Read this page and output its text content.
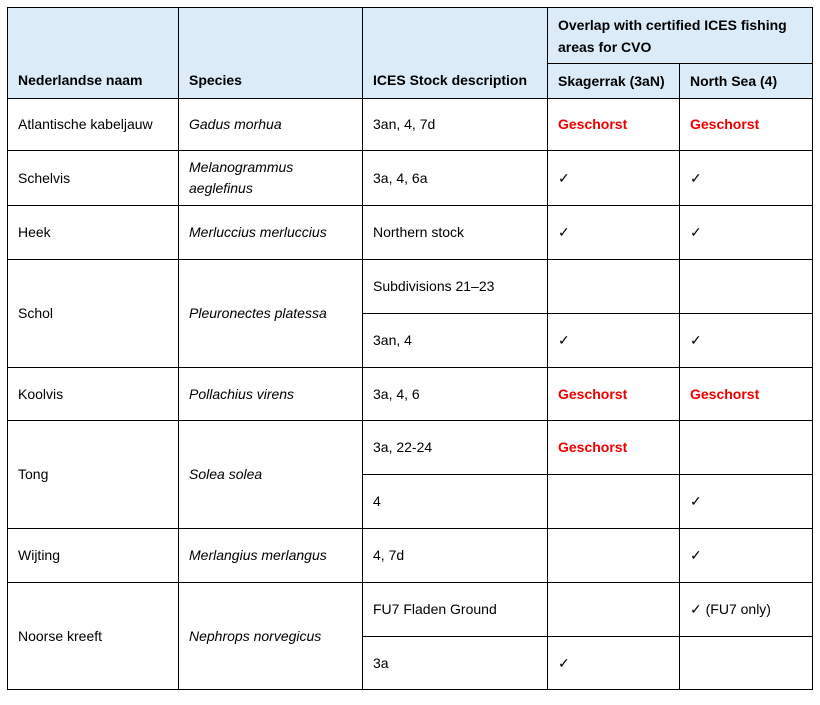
Nederlandse naam	Species	ICES Stock description	Overlap with certified ICES fishing areas for CVO	
			Skagerrak (3aN)	North Sea (4)
Atlantische kabeljauw	Gadus morhua	3an, 4, 7d	Geschorst	Geschorst
Schelvis	Melanogrammus aeglefinus	3a, 4, 6a	✓	✓
Heek	Merluccius merluccius	Northern stock	✓	✓
Schol	Pleuronectes platessa	Subdivisions 21–23		
		3an, 4	✓	✓
Koolvis	Pollachius virens	3a, 4, 6	Geschorst	Geschorst
Tong	Solea solea	3a, 22-24	Geschorst	
		4		✓
Wijting	Merlangius merlangus	4, 7d		✓
Noorse kreeft	Nephrops norvegicus	FU7 Fladen Ground		✓ (FU7 only)
		3a	✓	
